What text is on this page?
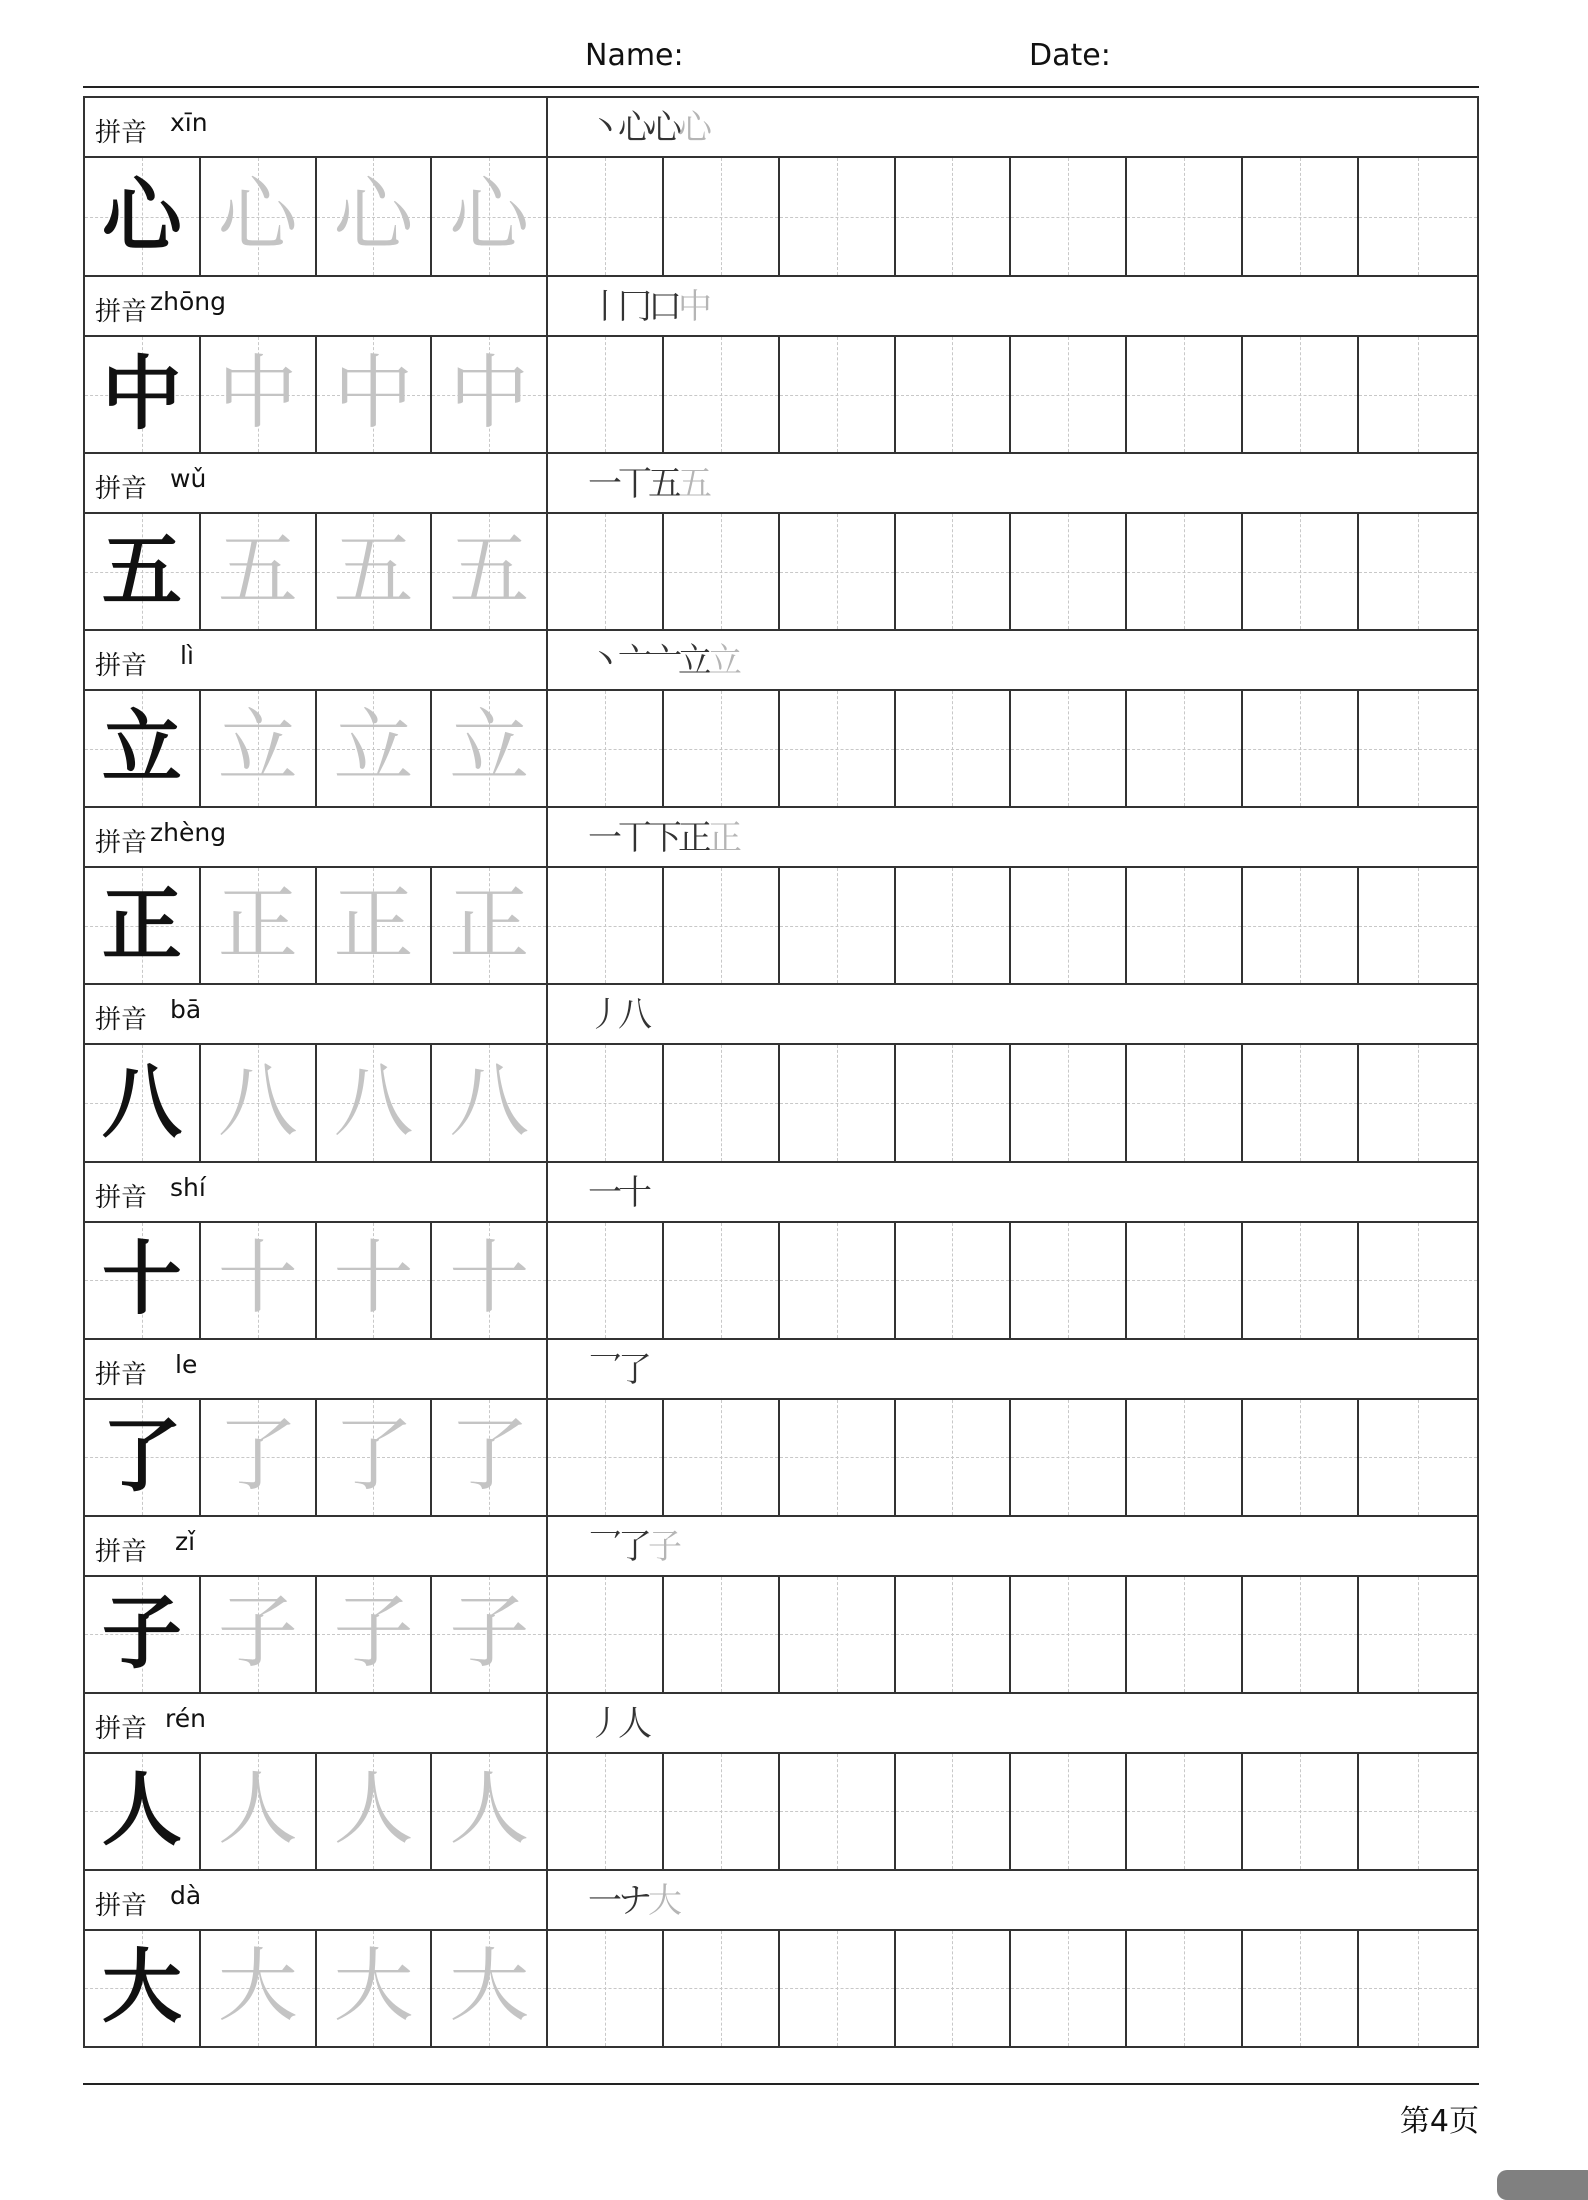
Name:	Date:
拼音 xīn	丶心心心
心 心 心 心
拼音 zhōng	丨冂口中
中 中 中 中
拼音 wǔ	一丅五五
五 五 五 五
拼音 lì	丶亠亠立立
立 立 立 立
拼音 zhèng	一丅下正正
正 正 正 正
拼音 bā	丿八
八 八 八 八
拼音 shí	一十
十 十 十 十
拼音 le	乛了
了 了 了 了
拼音 zǐ	乛了子
子 子 子 子
拼音 rén	丿人
人 人 人 人
拼音 dà	一ナ大
大 大 大 大
第4页
